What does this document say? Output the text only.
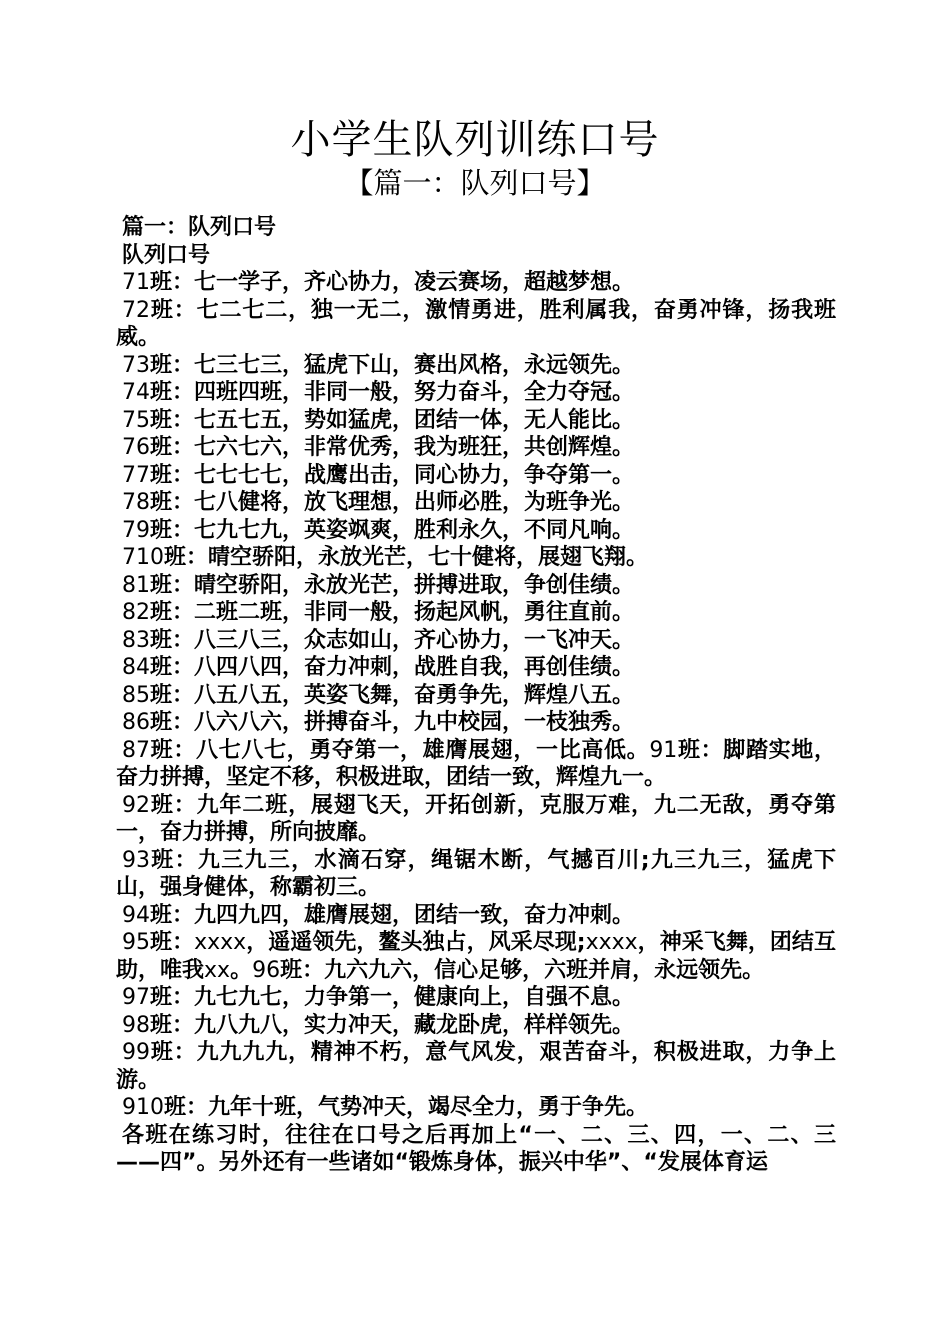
小学生队列训练口号
【篇一：队列口号】

篇一：队列口号

队列口号

71班：七一学子，齐心协力，凌云赛场，超越梦想。

72班：七二七二，独一无二，激情勇进，胜利属我，奋勇冲锋，扬我班威。

73班：七三七三，猛虎下山，赛出风格，永远领先。

74班：四班四班，非同一般，努力奋斗，全力夺冠。

75班：七五七五，势如猛虎，团结一体，无人能比。

76班：七六七六，非常优秀，我为班狂，共创辉煌。

77班：七七七七，战鹰出击，同心协力，争夺第一。

78班：七八健将，放飞理想，出师必胜，为班争光。

79班：七九七九，英姿飒爽，胜利永久，不同凡响。

710班：晴空骄阳，永放光芒，七十健将，展翅飞翔。

81班：晴空骄阳，永放光芒，拼搏进取，争创佳绩。

82班：二班二班，非同一般，扬起风帆，勇往直前。

83班：八三八三，众志如山，齐心协力，一飞冲天。

84班：八四八四，奋力冲刺，战胜自我，再创佳绩。

85班：八五八五，英姿飞舞，奋勇争先，辉煌八五。

86班：八六八六，拼搏奋斗，九中校园，一枝独秀。

87班：八七八七，勇夺第一，雄膺展翅，一比高低。91班：脚踏实地，奋力拼搏，坚定不移，积极进取，团结一致，辉煌九一。

92班：九年二班，展翅飞天，开拓创新，克服万难，九二无敌，勇夺第一，奋力拼搏，所向披靡。

93班：九三九三，水滴石穿，绳锯木断，气撼百川;九三九三，猛虎下山，强身健体，称霸初三。

94班：九四九四，雄膺展翅，团结一致，奋力冲刺。

95班：xxxx，遥遥领先，鳌头独占，风采尽现;xxxx，神采飞舞，团结互助，唯我xx。96班：九六九六，信心足够，六班并肩，永远领先。

97班：九七九七，力争第一，健康向上，自强不息。

98班：九八九八，实力冲天，藏龙卧虎，样样领先。

99班：九九九九，精神不朽，意气风发，艰苦奋斗，积极进取，力争上游。

910班：九年十班，气势冲天，竭尽全力，勇于争先。

各班在练习时，往往在口号之后再加上“一、二、三、四，一、二、三——四”。另外还有一些诸如“锻炼身体，振兴中华”、“发展体育运
